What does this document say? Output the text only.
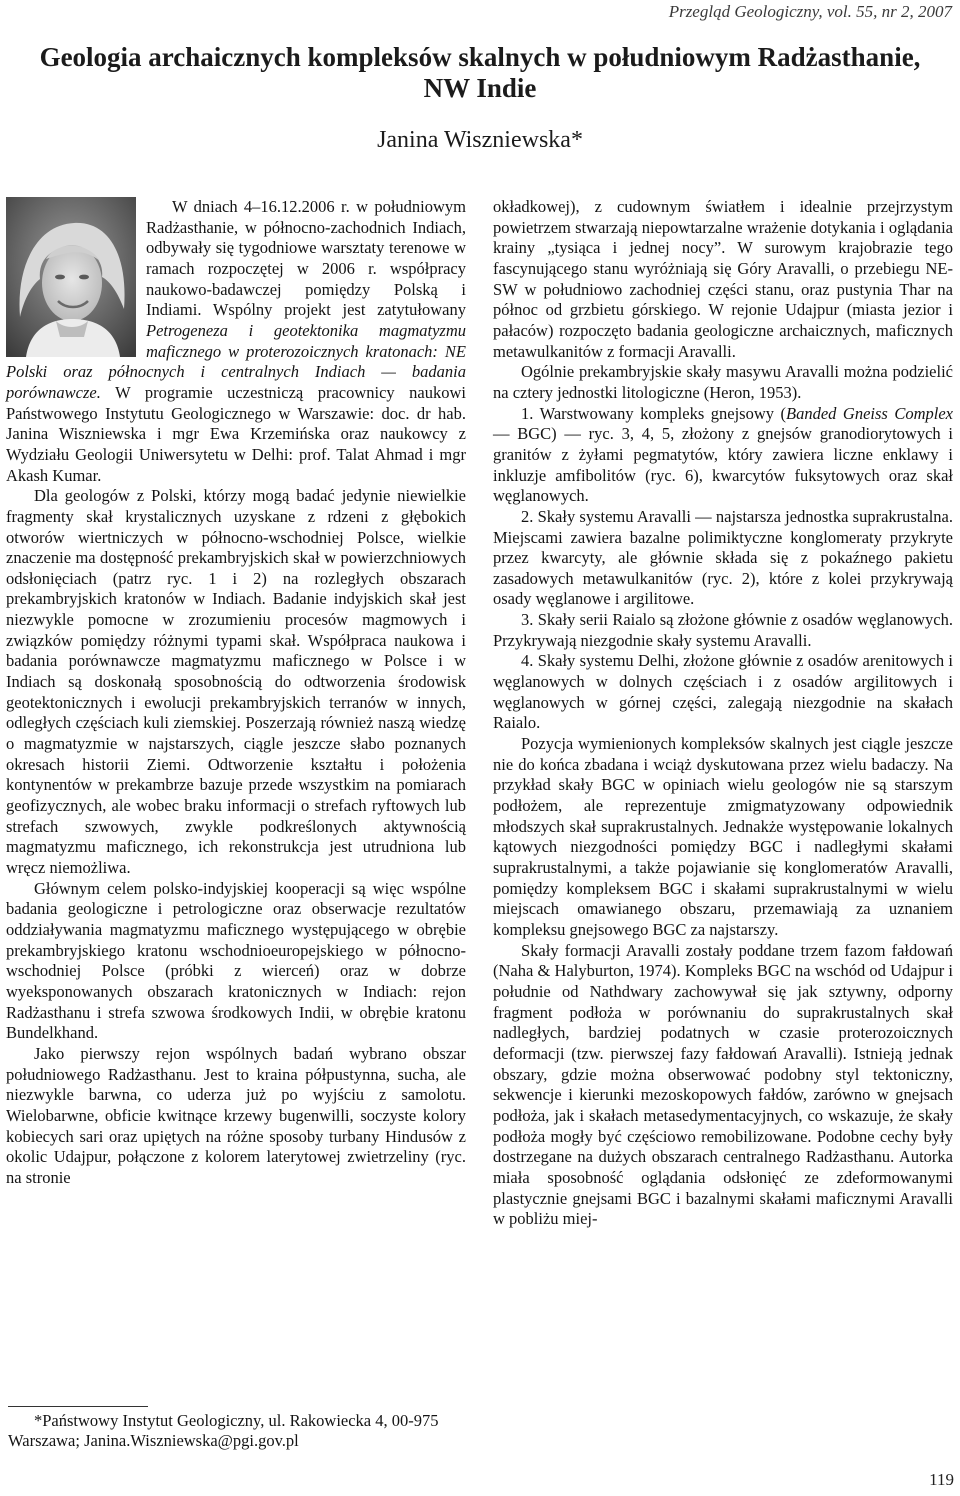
Przegląd Geologiczny, vol. 55, nr 2, 2007
Geologia archaicznych kompleksów skalnych w południowym Radżasthanie,
NW Indie
Janina Wiszniewska*

W dniach 4–16.12.2006 r. w południowym Radżasthanie, w północno-zachodnich Indiach, odbywały się tygodniowe warsztaty terenowe w ramach rozpoczętej w 2006 r. współpracy naukowo-badawczej pomiędzy Polską i Indiami. Wspólny projekt jest zatytułowany Petrogeneza i geotektonika magmatyzmu maficznego w proterozoicznych kratonach: NE Polski oraz północnych i centralnych Indiach — badania porównawcze. W programie uczestniczą pracownicy naukowi Państwowego Instytutu Geologicznego w Warszawie: doc. dr hab. Janina Wiszniewska i mgr Ewa Krzemińska oraz naukowcy z Wydziału Geologii Uniwersytetu w Delhi: prof. Talat Ahmad i mgr Akash Kumar.

Dla geologów z Polski, którzy mogą badać jedynie niewielkie fragmenty skał krystalicznych uzyskane z rdzeni z głębokich otworów wiertniczych w północno-wschodniej Polsce, wielkie znaczenie ma dostępność prekambryjskich skał w powierzchniowych odsłonięciach (patrz ryc. 1 i 2) na rozległych obszarach prekambryjskich kratonów w Indiach. Badanie indyjskich skał jest niezwykle pomocne w zrozumieniu procesów magmowych i związków pomiędzy różnymi typami skał. Współpraca naukowa i badania porównawcze magmatyzmu maficznego w Polsce i w Indiach są doskonałą sposobnością do odtworzenia środowisk geotektonicznych i ewolucji prekambryjskich terranów w innych, odległych częściach kuli ziemskiej. Poszerzają również naszą wiedzę o magmatyzmie w najstarszych, ciągle jeszcze słabo poznanych okresach historii Ziemi. Odtworzenie kształtu i położenia kontynentów w prekambrze bazuje przede wszystkim na pomiarach geofizycznych, ale wobec braku informacji o strefach ryftowych lub strefach szwowych, zwykle podkreślonych aktywnością magmatyzmu maficznego, ich rekonstrukcja jest utrudniona lub wręcz niemożliwa.

Głównym celem polsko-indyjskiej kooperacji są więc wspólne badania geologiczne i petrologiczne oraz obserwacje rezultatów oddziaływania magmatyzmu maficznego występującego w obrębie prekambryjskiego kratonu wschodnioeuropejskiego w północno-wschodniej Polsce (próbki z wierceń) oraz w dobrze wyeksponowanych obszarach kratonicznych w Indiach: rejon Radżasthanu i strefa szwowa środkowych Indii, w obrębie kratonu Bundelkhand.

Jako pierwszy rejon wspólnych badań wybrano obszar południowego Radżasthanu. Jest to kraina półpustynna, sucha, ale niezwykle barwna, co uderza już po wyjściu z samolotu. Wielobarwne, obficie kwitnące krzewy bugenwilli, soczyste kolory kobiecych sari oraz upiętych na różne sposoby turbany Hindusów z okolic Udajpur, połączone z kolorem laterytowej zwietrzeliny (ryc. na stronie

*Państwowy Instytut Geologiczny, ul. Rakowiecka 4, 00-975
Warszawa; Janina.Wiszniewska@pgi.gov.pl

okładkowej), z cudownym światłem i idealnie przejrzystym powietrzem stwarzają niepowtarzalne wrażenie dotykania i oglądania krainy „tysiąca i jednej nocy”. W surowym krajobrazie tego fascynującego stanu wyróżniają się Góry Aravalli, o przebiegu NE-SW w południowo zachodniej części stanu, oraz pustynia Thar na północ od grzbietu górskiego. W rejonie Udajpur (miasta jezior i pałaców) rozpoczęto badania geologiczne archaicznych, maficznych metawulkanitów z formacji Aravalli.

Ogólnie prekambryjskie skały masywu Aravalli można podzielić na cztery jednostki litologiczne (Heron, 1953).

1. Warstwowany kompleks gnejsowy (Banded Gneiss Complex — BGC) — ryc. 3, 4, 5, złożony z gnejsów granodiorytowych i granitów z żyłami pegmatytów, który zawiera liczne enklawy i inkluzje amfibolitów (ryc. 6), kwarcytów fuksytowych oraz skał węglanowych.

2. Skały systemu Aravalli — najstarsza jednostka suprakrustalna. Miejscami zawiera bazalne polimiktyczne konglomeraty przykryte przez kwarcyty, ale głównie składa się z pokaźnego pakietu zasadowych metawulkanitów (ryc. 2), które z kolei przykrywają osady węglanowe i argilitowe.

3. Skały serii Raialo są złożone głównie z osadów węglanowych. Przykrywają niezgodnie skały systemu Aravalli.

4. Skały systemu Delhi, złożone głównie z osadów arenitowych i węglanowych w dolnych częściach i z osadów argilitowych i węglanowych w górnej części, zalegają niezgodnie na skałach Raialo.

Pozycja wymienionych kompleksów skalnych jest ciągle jeszcze nie do końca zbadana i wciąż dyskutowana przez wielu badaczy. Na przykład skały BGC w opiniach wielu geologów nie są starszym podłożem, ale reprezentuje zmigmatyzowany odpowiednik młodszych skał suprakrustalnych. Jednakże występowanie lokalnych kątowych niezgodności pomiędzy BGC i nadległymi skałami suprakrustalnymi, a także pojawianie się konglomeratów Aravalli, pomiędzy kompleksem BGC i skałami suprakrustalnymi w wielu miejscach omawianego obszaru, przemawiają za uznaniem kompleksu gnejsowego BGC za najstarszy.

Skały formacji Aravalli zostały poddane trzem fazom fałdowań (Naha & Halyburton, 1974). Kompleks BGC na wschód od Udajpur i południe od Nathdwary zachowywał się jak sztywny, odporny fragment podłoża w porównaniu do suprakrustalnych skał nadległych, bardziej podatnych w czasie proterozoicznych deformacji (tzw. pierwszej fazy fałdowań Aravalli). Istnieją jednak obszary, gdzie można obserwować podobny styl tektoniczny, sekwencje i kierunki mezoskopowych fałdów, zarówno w gnejsach podłoża, jak i skałach metasedymentacyjnych, co wskazuje, że skały podłoża mogły być częściowo remobilizowane. Podobne cechy były dostrzegane na dużych obszarach centralnego Radżasthanu. Autorka miała sposobność oglądania odsłonięć ze zdeformowanymi plastycznie gnejsami BGC i bazalnymi skałami maficznymi Aravalli w pobliżu miej-

119
